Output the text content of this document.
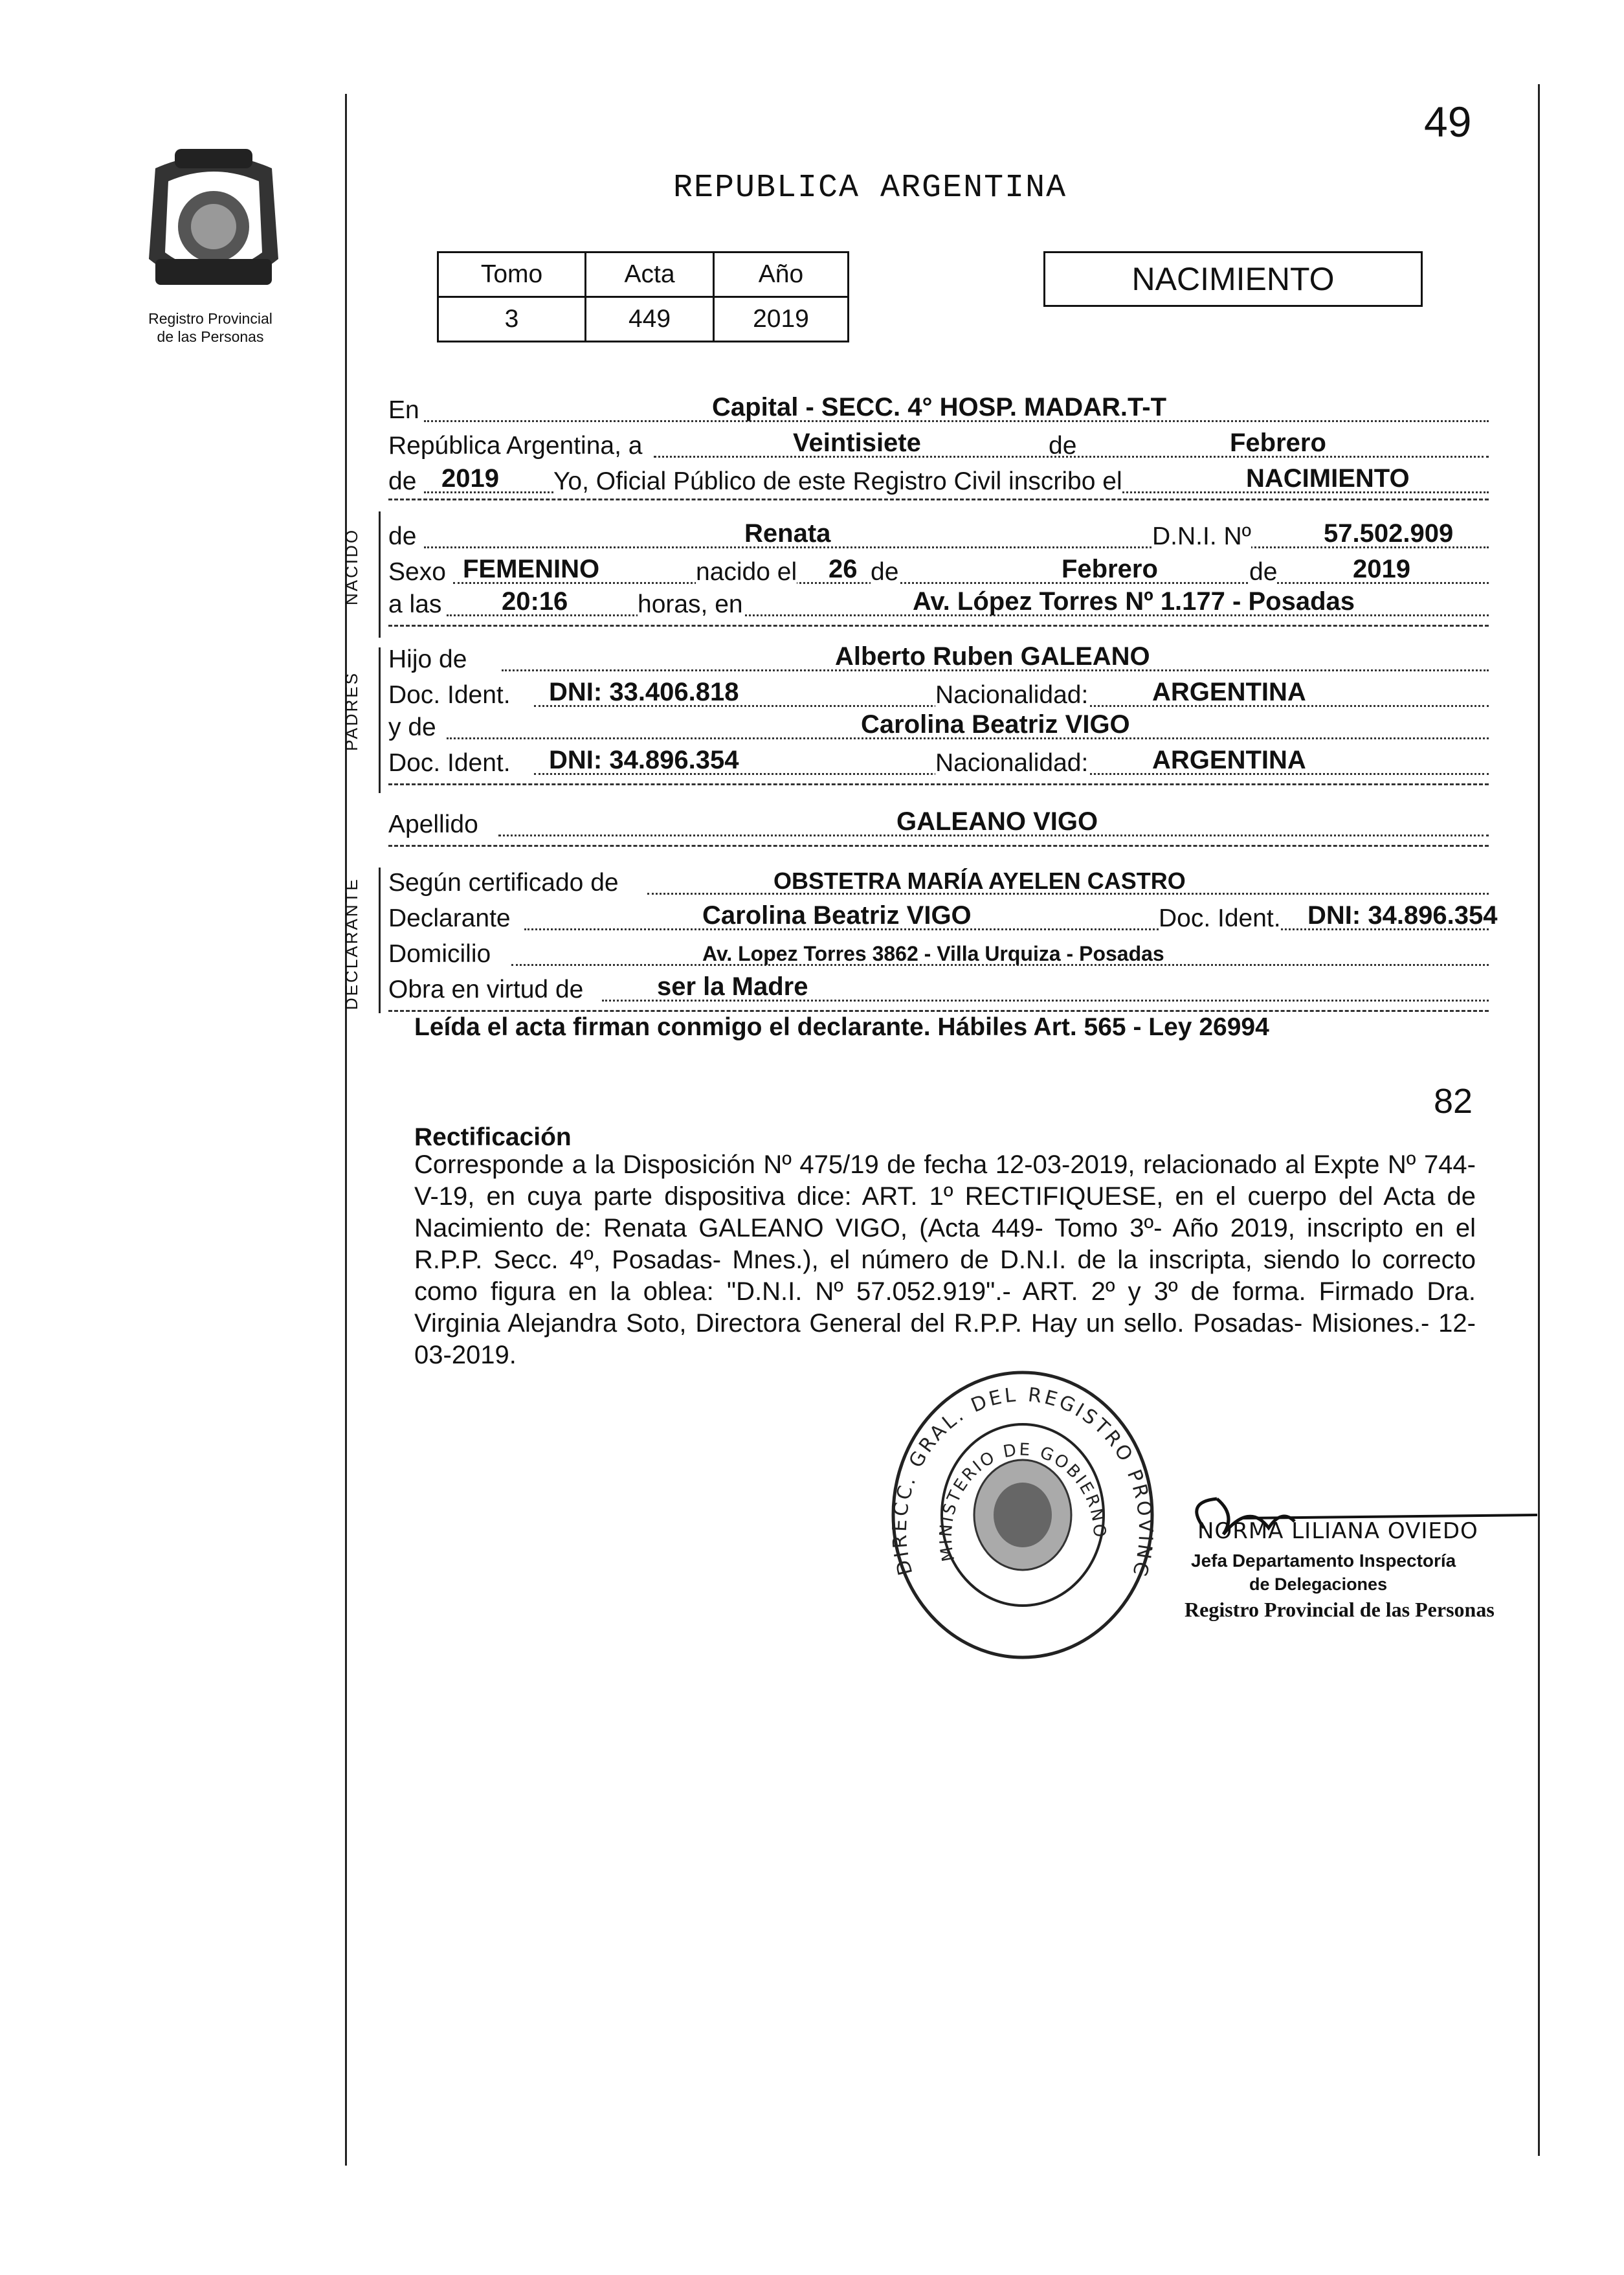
Registro Provincial
de las Personas
49
REPUBLICA ARGENTINA
Tomo	Acta	Año
3	449	2019
NACIMIENTO
En	Capital - SECC. 4° HOSP. MADAR.T-T
República Argentina, a	Veintisiete	de	Febrero
de 2019 Yo, Oficial Público de este Registro Civil inscribo el	NACIMIENTO
NACIDO de	Renata	D.N.I. Nº	57.502.909
Sexo FEMENINO	nacido el 26 de	Febrero	de	2019
a las 20:16	horas, en	Av. López Torres Nº 1.177 - Posadas
PADRES
Hijo de	Alberto Ruben GALEANO
Doc. Ident. DNI: 33.406.818	Nacionalidad: ARGENTINA
y de	Carolina Beatriz VIGO
Doc. Ident. DNI: 34.896.354	Nacionalidad: ARGENTINA
Apellido	GALEANO VIGO
DECLARANTE Según certificado de	OBSTETRA MARÍA AYELEN CASTRO
Declarante	Carolina Beatriz VIGO	Doc. Ident. DNI: 34.896.354
Domicilio	Av. Lopez Torres 3862 - Villa Urquiza - Posadas
Obra en virtud de	ser la Madre
Leída el acta firman conmigo el declarante. Hábiles Art. 565 - Ley 26994
82
Rectificación
Corresponde a la Disposición Nº 475/19 de fecha 12-03-2019, relacionado al Expte Nº 744-V-19, en cuya parte dispositiva dice: ART. 1º RECTIFIQUESE, en el cuerpo del Acta de Nacimiento de: Renata GALEANO VIGO, (Acta 449- Tomo 3º- Año 2019, inscripto en el R.P.P. Secc. 4º, Posadas- Mnes.), el número de D.N.I. de la inscripta, siendo lo correcto como figura en la oblea: "D.N.I. Nº 57.052.919".- ART. 2º y 3º de forma. Firmado Dra. Virginia Alejandra Soto, Directora General del R.P.P. Hay un sello. Posadas- Misiones.- 12-03-2019.
DIRECC. GRAL. DEL REGISTRO PROVINC
MINISTERIO DE GOBIERNO	NORMA LILIANA OVIEDO
Jefa Departamento Inspectoría
de Delegaciones
Registro Provincial de las Personas
